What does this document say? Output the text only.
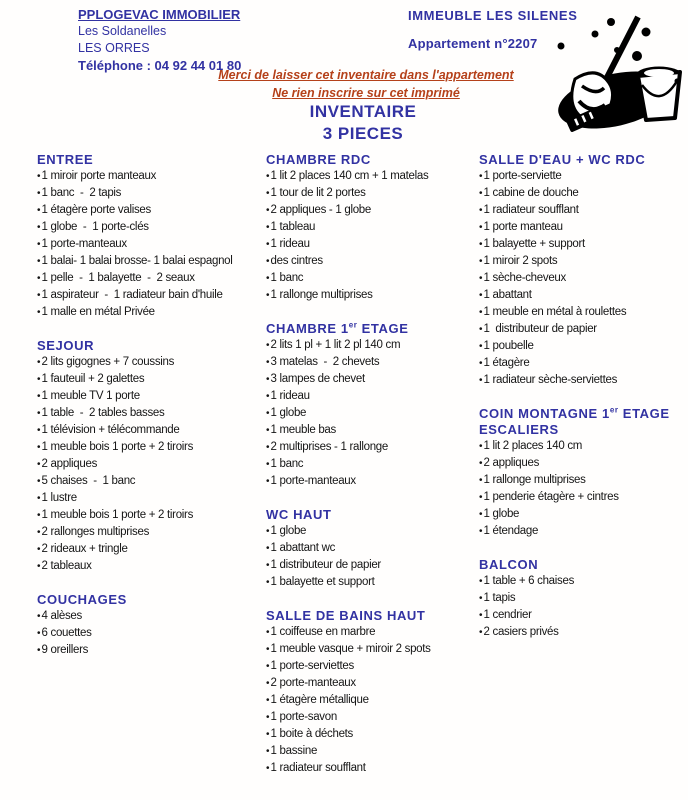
PPLOGEVAC IMMOBILIER
Les Soldanelles
LES ORRES
Téléphone : 04 92 44 01 80
IMMEUBLE LES SILENES
Appartement n°2207
Merci de laisser cet inventaire dans l'appartement
Ne rien inscrire sur cet imprimé
INVENTAIRE
3 PIECES
ENTREE
•1 miroir porte manteaux
•1 banc  -  2 tapis
•1 étagère porte valises
•1 globe  -  1 porte-clés
•1 porte-manteaux
•1 balai- 1 balai brosse- 1 balai espagnol
•1 pelle  -  1 balayette  -  2 seaux
•1 aspirateur  -  1 radiateur bain d'huile
•1 malle en métal Privée
SEJOUR
•2 lits gigognes + 7 coussins
•1 fauteuil + 2 galettes
•1 meuble TV 1 porte
•1 table  -  2 tables basses
•1 télévision + télécommande
•1 meuble bois 1 porte + 2 tiroirs
•2 appliques
•5 chaises  -  1 banc
•1 lustre
•1 meuble bois 1 porte + 2 tiroirs
•2 rallonges multiprises
•2 rideaux + tringle
•2 tableaux
COUCHAGES
•4 alèses
•6 couettes
•9 oreillers
CHAMBRE RDC
•1 lit 2 places 140 cm + 1 matelas
•1 tour de lit 2 portes
•2 appliques - 1 globe
•1 tableau
•1 rideau
•des cintres
•1 banc
•1 rallonge multiprises
CHAMBRE 1er ETAGE
•2 lits 1 pl + 1 lit 2 pl 140 cm
•3 matelas  -  2 chevets
•3 lampes de chevet
•1 rideau
•1 globe
•1 meuble bas
•2 multiprises - 1 rallonge
•1 banc
•1 porte-manteaux
WC HAUT
•1 globe
•1 abattant wc
•1 distributeur de papier
•1 balayette et support
SALLE DE BAINS HAUT
•1 coiffeuse en marbre
•1 meuble vasque + miroir 2 spots
•1 porte-serviettes
•2 porte-manteaux
•1 étagère métallique
•1 porte-savon
•1 boite à déchets
•1 bassine
•1 radiateur soufflant
SALLE D'EAU + WC RDC
•1 porte-serviette
•1 cabine de douche
•1 radiateur soufflant
•1 porte manteau
•1 balayette + support
•1 miroir 2 spots
•1 sèche-cheveux
•1 abattant
•1 meuble en métal à roulettes
•1  distributeur de papier
•1 poubelle
•1 étagère
•1 radiateur sèche-serviettes
COIN MONTAGNE 1er ETAGE
ESCALIERS
•1 lit 2 places 140 cm
•2 appliques
•1 rallonge multiprises
•1 penderie étagère + cintres
•1 globe
•1 étendage
BALCON
•1 table + 6 chaises
•1 tapis
•1 cendrier
•2 casiers privés
